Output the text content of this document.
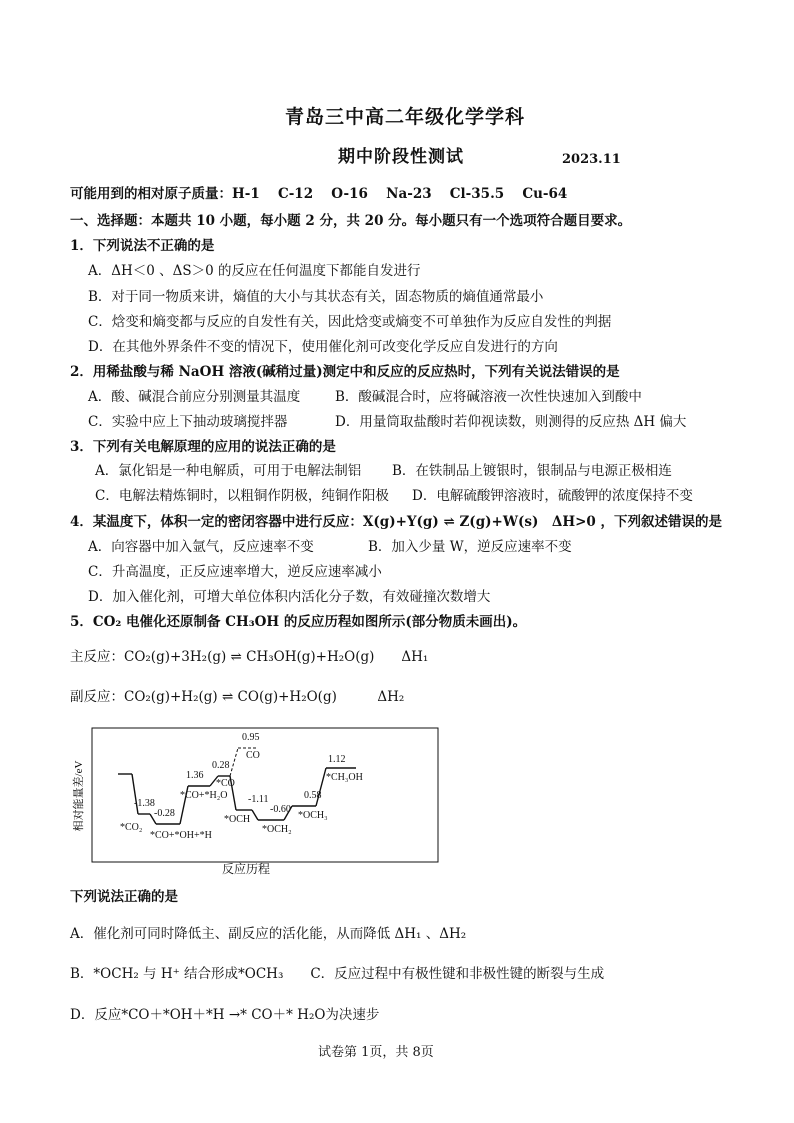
青岛三中高二年级化学学科
期中阶段性测试	2023.11
可能用到的相对原子质量：H-1　 C-12 　O-16 　Na-23 　Cl-35.5 　Cu-64
一、选择题：本题共 10 小题，每小题 2 分，共 20 分。每小题只有一个选项符合题目要求。
1．下列说法不正确的是
A．ΔH＜0 、ΔS＞0 的反应在任何温度下都能自发进行
B．对于同一物质来讲，熵值的大小与其状态有关，固态物质的熵值通常最小
C．焓变和熵变都与反应的自发性有关，因此焓变或熵变不可单独作为反应自发性的判据
D．在其他外界条件不变的情况下，使用催化剂可改变化学反应自发进行的方向
2．用稀盐酸与稀 NaOH 溶液(碱稍过量)测定中和反应的反应热时，下列有关说法错误的是
A．酸、碱混合前应分别测量其温度	B．酸碱混合时，应将碱溶液一次性快速加入到酸中
C．实验中应上下抽动玻璃搅拌器	D．用量筒取盐酸时若仰视读数，则测得的反应热 ΔH 偏大
3．下列有关电解原理的应用的说法正确的是
A．氯化铝是一种电解质，可用于电解法制铝 B．在铁制品上镀银时，银制品与电源正极相连
C．电解法精炼铜时，以粗铜作阴极，纯铜作阳极 D．电解硫酸钾溶液时，硫酸钾的浓度保持不变
4．某温度下，体积一定的密闭容器中进行反应：X(g)+Y(g) ⇌ Z(g)+W(s)　ΔH>0 ，下列叙述错误的是
A．向容器中加入氩气，反应速率不变	B．加入少量 W，逆反应速率不变
C．升高温度，正反应速率增大，逆反应速率减小
D．加入催化剂，可增大单位体积内活化分子数，有效碰撞次数增大
5．CO₂ 电催化还原制备 CH₃OH 的反应历程如图所示(部分物质未画出)。
主反应：CO₂(g)+3H₂(g) ⇌ CH₃OH(g)+H₂O(g)　　ΔH₁
副反应：CO₂(g)+H₂(g) ⇌ CO(g)+H₂O(g)　　　ΔH₂
相对能量差/eV	-1.38
-0.28
1.36
0.28
0.95
-1.11
-0.60
0.58
1.12
*CO₂
*CO+*OH+*H
*CO+*H₂O
*CO
CO
*OCH
*OCH₂
*OCH₃
*CH₃OH
反应历程
下列说法正确的是
A．催化剂可同时降低主、副反应的活化能，从而降低 ΔH₁ 、ΔH₂
B．*OCH₂ 与 H⁺ 结合形成*OCH₃　　C．反应过程中有极性键和非极性键的断裂与生成
D．反应*CO＋*OH＋*H →* CO＋* H₂O为决速步
试卷第 1页，共 8页
